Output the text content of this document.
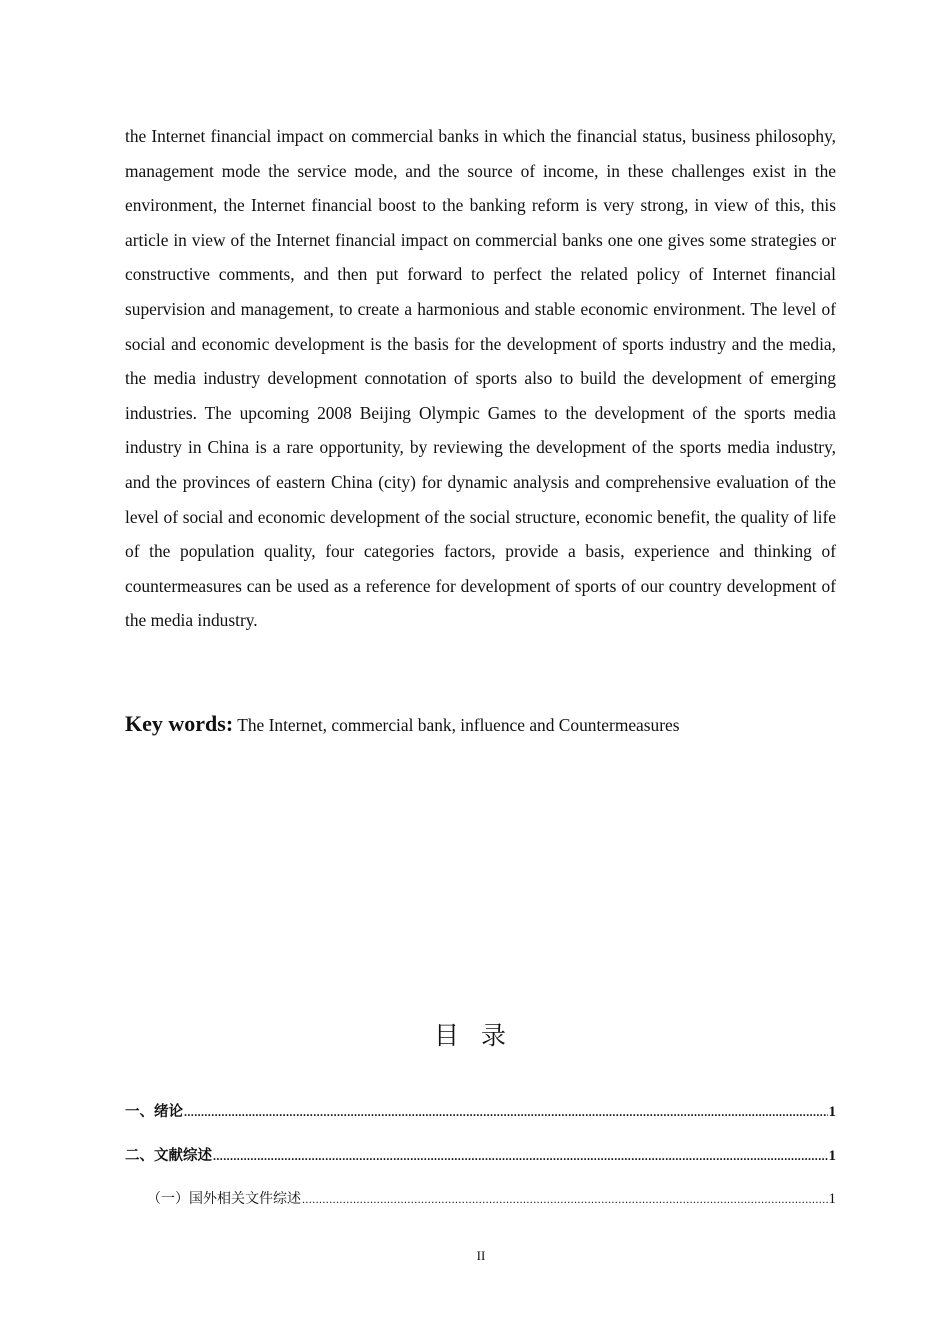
the Internet financial impact on commercial banks in which the financial status, business philosophy, management mode the service mode, and the source of income, in these challenges exist in the environment, the Internet financial boost to the banking reform is very strong, in view of this, this article in view of the Internet financial impact on commercial banks one one gives some strategies or constructive comments, and then put forward to perfect the related policy of Internet financial supervision and management, to create a harmonious and stable economic environment. The level of social and economic development is the basis for the development of sports industry and the media, the media industry development connotation of sports also to build the development of emerging industries. The upcoming 2008 Beijing Olympic Games to the development of the sports media industry in China is a rare opportunity, by reviewing the development of the sports media industry, and the provinces of eastern China (city) for dynamic analysis and comprehensive evaluation of the level of social and economic development of the social structure, economic benefit, the quality of life of the population quality, four categories factors, provide a basis, experience and thinking of countermeasures can be used as a reference for development of sports of our country development of the media industry.

Key words: The Internet, commercial bank, influence and Countermeasures
目录
一、绪论 .....	1
二、文献综述 .....	1
（一）国外相关文件综述 .....	1
II
